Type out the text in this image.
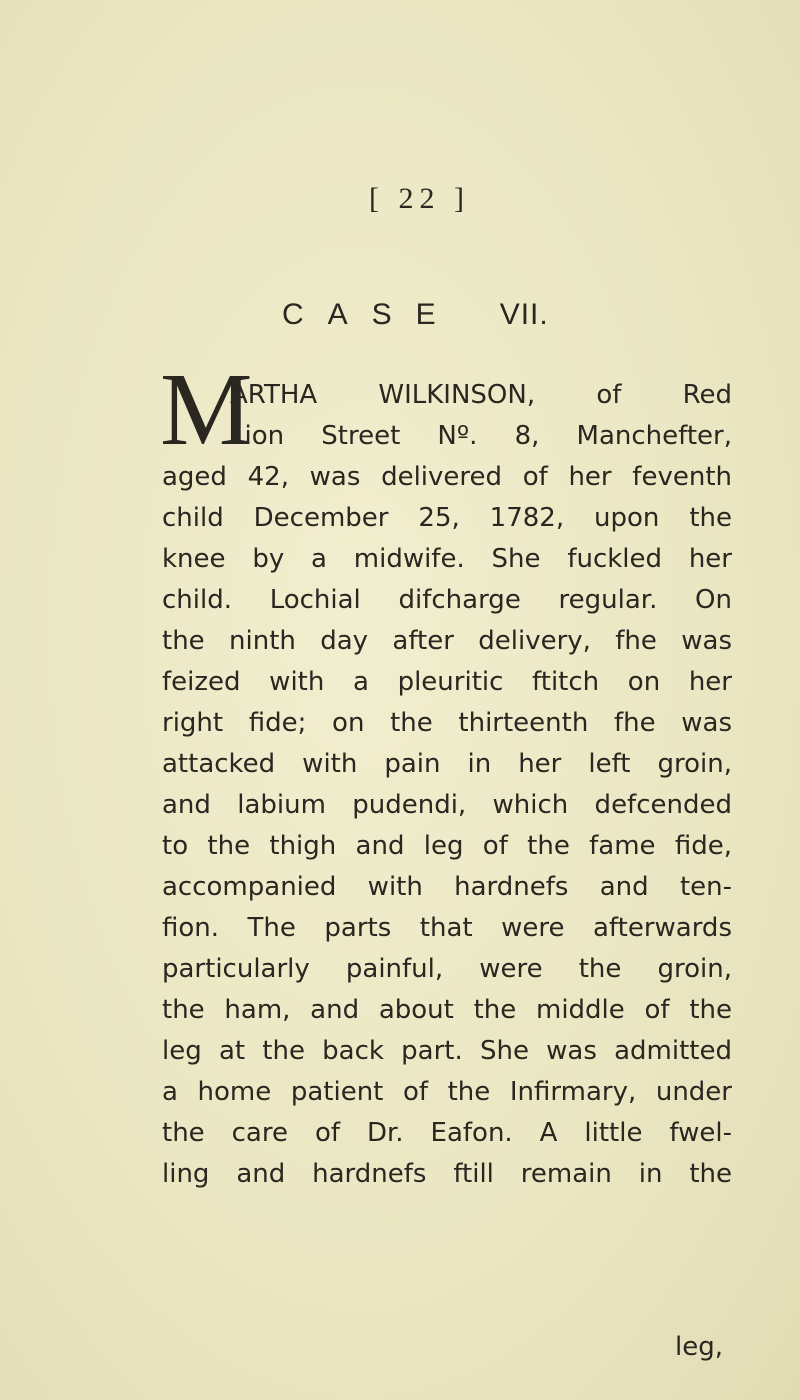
[ 22 ]
CASE VII.
M
ARTHA WILKINSON, of Red
Lion Street Nº. 8, Manchefter,
aged 42, was delivered of her feventh
child December 25, 1782, upon the
knee by a midwife. She fuckled her
child. Lochial difcharge regular. On
the ninth day after delivery, fhe was
feized with a pleuritic ftitch on her
right fide; on the thirteenth fhe was
attacked with pain in her left groin,
and labium pudendi, which defcended
to the thigh and leg of the fame fide,
accompanied with hardnefs and ten-
fion. The parts that were afterwards
particularly painful, were the groin,
the ham, and about the middle of the
leg at the back part. She was admitted
a home patient of the Infirmary, under
the care of Dr. Eafon. A little fwel-
ling and hardnefs ftill remain in the
leg,
